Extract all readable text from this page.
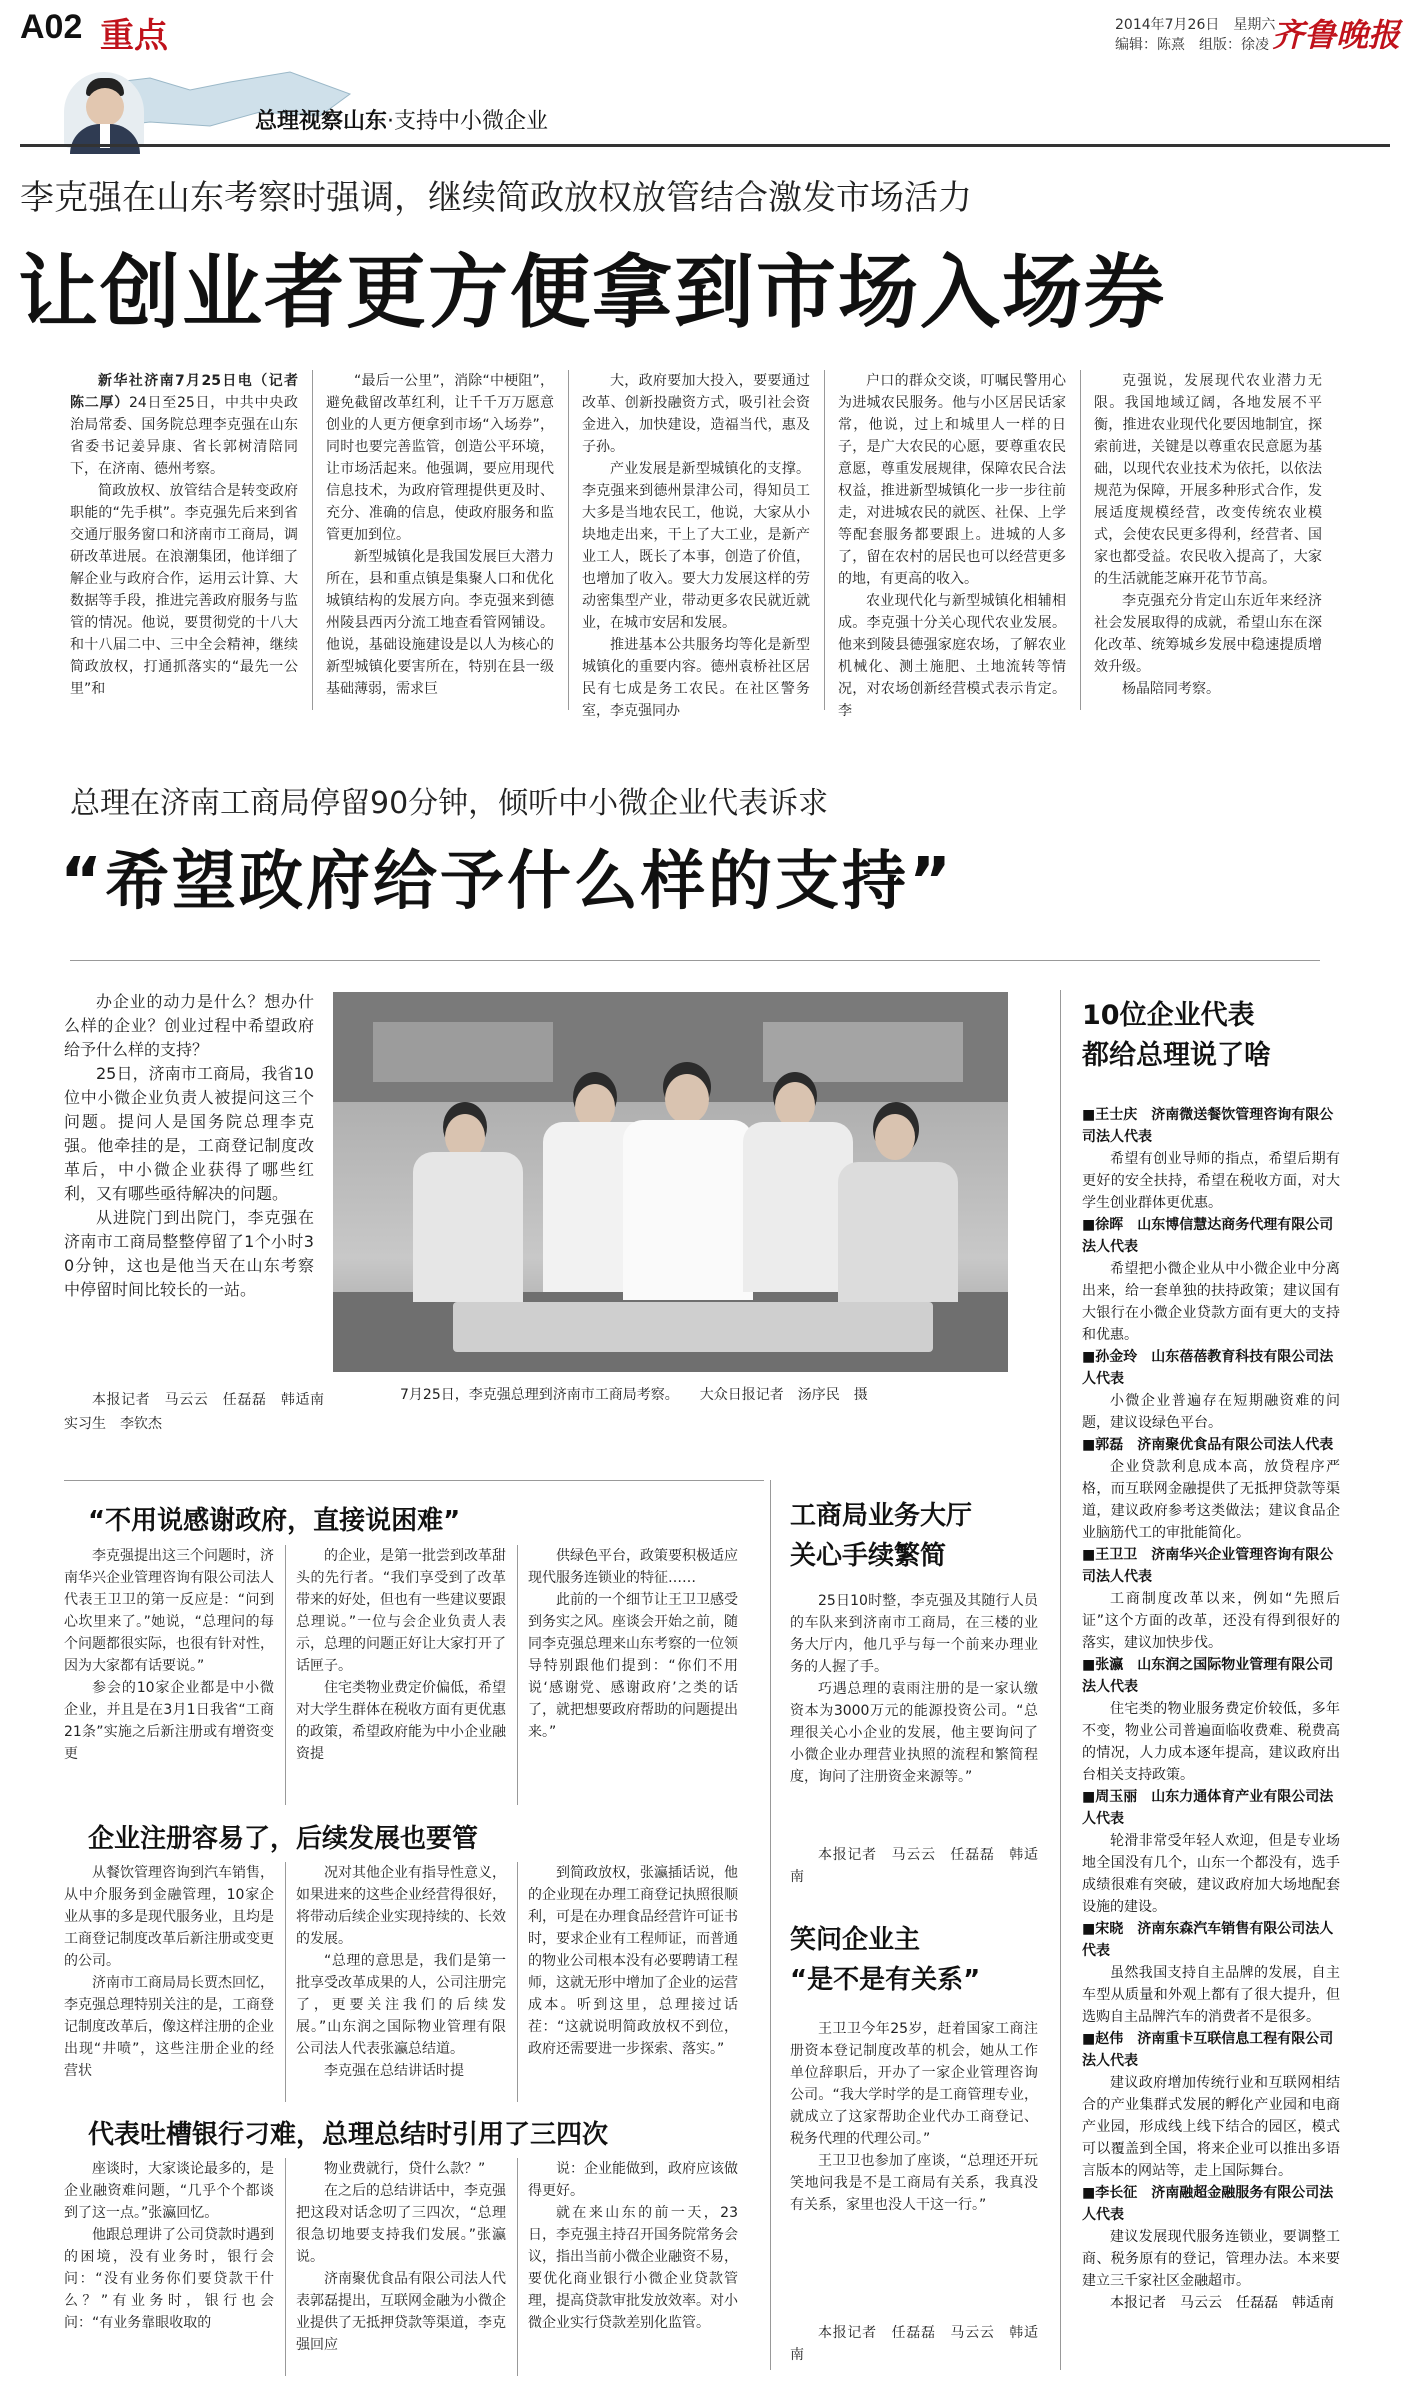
A02 重点	2014年7月26日　星期六
编辑：陈熹　组版：徐凌 齐鲁晚报
总理视察山东·支持中小微企业
李克强在山东考察时强调，继续简政放权放管结合激发市场活力
让创业者更方便拿到市场入场券

新华社济南7月25日电（记者　陈二厚）24日至25日，中共中央政治局常委、国务院总理李克强在山东省委书记姜异康、省长郭树清陪同下，在济南、德州考察。

简政放权、放管结合是转变政府职能的“先手棋”。李克强先后来到省交通厅服务窗口和济南市工商局，调研改革进展。在浪潮集团，他详细了解企业与政府合作，运用云计算、大数据等手段，推进完善政府服务与监管的情况。他说，要贯彻党的十八大和十八届二中、三中全会精神，继续简政放权，打通抓落实的“最先一公里”和

“最后一公里”，消除“中梗阻”，避免截留改革红利，让千千万万愿意创业的人更方便拿到市场“入场券”，同时也要完善监管，创造公平环境，让市场活起来。他强调，要应用现代信息技术，为政府管理提供更及时、充分、准确的信息，使政府服务和监管更加到位。

新型城镇化是我国发展巨大潜力所在，县和重点镇是集聚人口和优化城镇结构的发展方向。李克强来到德州陵县西丙分流工地查看管网铺设。他说，基础设施建设是以人为核心的新型城镇化要害所在，特别在县一级基础薄弱，需求巨

大，政府要加大投入，要要通过改革、创新投融资方式，吸引社会资金进入，加快建设，造福当代，惠及子孙。

产业发展是新型城镇化的支撑。李克强来到德州景津公司，得知员工大多是当地农民工，他说，大家从小块地走出来，干上了大工业，是新产业工人，既长了本事，创造了价值，也增加了收入。要大力发展这样的劳动密集型产业，带动更多农民就近就业，在城市安居和发展。

推进基本公共服务均等化是新型城镇化的重要内容。德州袁桥社区居民有七成是务工农民。在社区警务室，李克强同办

户口的群众交谈，叮嘱民警用心为进城农民服务。他与小区居民话家常，他说，过上和城里人一样的日子，是广大农民的心愿，要尊重农民意愿，尊重发展规律，保障农民合法权益，推进新型城镇化一步一步往前走，对进城农民的就医、社保、上学等配套服务都要跟上。进城的人多了，留在农村的居民也可以经营更多的地，有更高的收入。

农业现代化与新型城镇化相辅相成。李克强十分关心现代农业发展。他来到陵县德强家庭农场，了解农业机械化、测土施肥、土地流转等情况，对农场创新经营模式表示肯定。李

克强说，发展现代农业潜力无限。我国地域辽阔，各地发展不平衡，推进农业现代化要因地制宜，探索前进，关键是以尊重农民意愿为基础，以现代农业技术为依托，以依法规范为保障，开展多种形式合作，发展适度规模经营，改变传统农业模式，会使农民更多得利，经营者、国家也都受益。农民收入提高了，大家的生活就能芝麻开花节节高。

李克强充分肯定山东近年来经济社会发展取得的成就，希望山东在深化改革、统筹城乡发展中稳速提质增效升级。

杨晶陪同考察。

总理在济南工商局停留90分钟，倾听中小微企业代表诉求
“希望政府给予什么样的支持”

办企业的动力是什么？想办什么样的企业？创业过程中希望政府给予什么样的支持？

25日，济南市工商局，我省10位中小微企业负责人被提问这三个问题。提问人是国务院总理李克强。他牵挂的是，工商登记制度改革后，中小微企业获得了哪些红利，又有哪些亟待解决的问题。

从进院门到出院门，李克强在济南市工商局整整停留了1个小时30分钟，这也是他当天在山东考察中停留时间比较长的一站。

本报记者　马云云　任磊磊　韩适南　实习生　李钦杰

7月25日，李克强总理到济南市工商局考察。　　大众日报记者　汤序民　摄
10位企业代表
都给总理说了啥
■王士庆　济南微送餐饮管理咨询有限公司法人代表
希望有创业导师的指点，希望后期有更好的安全扶持，希望在税收方面，对大学生创业群体更优惠。
■徐晖　山东博信慧达商务代理有限公司法人代表
希望把小微企业从中小微企业中分离出来，给一套单独的扶持政策；建议国有大银行在小微企业贷款方面有更大的支持和优惠。
■孙金玲　山东蓓蓓教育科技有限公司法人代表
小微企业普遍存在短期融资难的问题，建议设绿色平台。
■郭磊　济南聚优食品有限公司法人代表
企业贷款利息成本高，放贷程序严格，而互联网金融提供了无抵押贷款等渠道，建议政府参考这类做法；建议食品企业脑筋代工的审批能简化。
■王卫卫　济南华兴企业管理咨询有限公司法人代表
工商制度改革以来，例如“先照后证”这个方面的改革，还没有得到很好的落实，建议加快步伐。
■张瀛　山东润之国际物业管理有限公司法人代表
住宅类的物业服务费定价较低，多年不变，物业公司普遍面临收费难、税费高的情况，人力成本逐年提高，建议政府出台相关支持政策。
■周玉丽　山东力通体育产业有限公司法人代表
轮滑非常受年轻人欢迎，但是专业场地全国没有几个，山东一个都没有，选手成绩很难有突破，建议政府加大场地配套设施的建设。
■宋晓　济南东森汽车销售有限公司法人代表
虽然我国支持自主品牌的发展，自主车型从质量和外观上都有了很大提升，但选购自主品牌汽车的消费者不是很多。
■赵伟　济南重卡互联信息工程有限公司法人代表
建议政府增加传统行业和互联网相结合的产业集群式发展的孵化产业园和电商产业园，形成线上线下结合的园区，模式可以覆盖到全国，将来企业可以推出多语言版本的网站等，走上国际舞台。
■李长征　济南融超金融服务有限公司法人代表
建议发展现代服务连锁业，要调整工商、税务原有的登记，管理办法。本来要建立三千家社区金融超市。
本报记者　马云云　任磊磊　韩适南
“不用说感谢政府，直接说困难”

李克强提出这三个问题时，济南华兴企业管理咨询有限公司法人代表王卫卫的第一反应是：“问到心坎里来了。”她说，“总理问的每个问题都很实际，也很有针对性，因为大家都有话要说。”

参会的10家企业都是中小微企业，并且是在3月1日我省“工商21条”实施之后新注册或有增资变更

的企业，是第一批尝到改革甜头的先行者。“我们享受到了改革带来的好处，但也有一些建议要跟总理说。”一位与会企业负责人表示，总理的问题正好让大家打开了话匣子。

住宅类物业费定价偏低，希望对大学生群体在税收方面有更优惠的政策，希望政府能为中小企业融资提

供绿色平台，政策要积极适应现代服务连锁业的特征……

此前的一个细节让王卫卫感受到务实之风。座谈会开始之前，随同李克强总理来山东考察的一位领导特别跟他们提到：“你们不用说‘感谢党、感谢政府’之类的话了，就把想要政府帮助的问题提出来。”

企业注册容易了，后续发展也要管

从餐饮管理咨询到汽车销售，从中介服务到金融管理，10家企业从事的多是现代服务业，且均是工商登记制度改革后新注册或变更的公司。

济南市工商局局长贾杰回忆，李克强总理特别关注的是，工商登记制度改革后，像这样注册的企业出现“井喷”，这些注册企业的经营状

况对其他企业有指导性意义，如果进来的这些企业经营得很好，将带动后续企业实现持续的、长效的发展。

“总理的意思是，我们是第一批享受改革成果的人，公司注册完了，更要关注我们的后续发展。”山东润之国际物业管理有限公司法人代表张瀛总结道。

李克强在总结讲话时提

到简政放权，张瀛插话说，他的企业现在办理工商登记执照很顺利，可是在办理食品经营许可证书时，要求企业有工程师证，而普通的物业公司根本没有必要聘请工程师，这就无形中增加了企业的运营成本。听到这里，总理接过话茬：“这就说明简政放权不到位，政府还需要进一步探索、落实。”

代表吐槽银行刁难，总理总结时引用了三四次

座谈时，大家谈论最多的，是企业融资难问题，“几乎个个都谈到了这一点。”张瀛回忆。

他跟总理讲了公司贷款时遇到的困境，没有业务时，银行会问：“没有业务你们要贷款干什么？”有业务时，银行也会问：“有业务靠眼收取的

物业费就行，贷什么款？”

在之后的总结讲话中，李克强把这段对话念叨了三四次，“总理很急切地要支持我们发展。”张瀛说。

济南聚优食品有限公司法人代表郭磊提出，互联网金融为小微企业提供了无抵押贷款等渠道，李克强回应

说：企业能做到，政府应该做得更好。

就在来山东的前一天，23日，李克强主持召开国务院常务会议，指出当前小微企业融资不易，要优化商业银行小微企业贷款管理，提高贷款审批发放效率。对小微企业实行贷款差别化监管。

工商局业务大厅
关心手续繁简

25日10时整，李克强及其随行人员的车队来到济南市工商局，在三楼的业务大厅内，他几乎与每一个前来办理业务的人握了手。

巧遇总理的袁雨注册的是一家认缴资本为3000万元的能源投资公司。“总理很关心小企业的发展，他主要询问了小微企业办理营业执照的流程和繁简程度，询问了注册资金来源等。”

本报记者　马云云　任磊磊　韩适南

笑问企业主
“是不是有关系”

王卫卫今年25岁，赶着国家工商注册资本登记制度改革的机会，她从工作单位辞职后，开办了一家企业管理咨询公司。“我大学时学的是工商管理专业，就成立了这家帮助企业代办工商登记、税务代理的代理公司。”

王卫卫也参加了座谈，“总理还开玩笑地问我是不是工商局有关系，我真没有关系，家里也没人干这一行。”

本报记者　任磊磊　马云云　韩适南
